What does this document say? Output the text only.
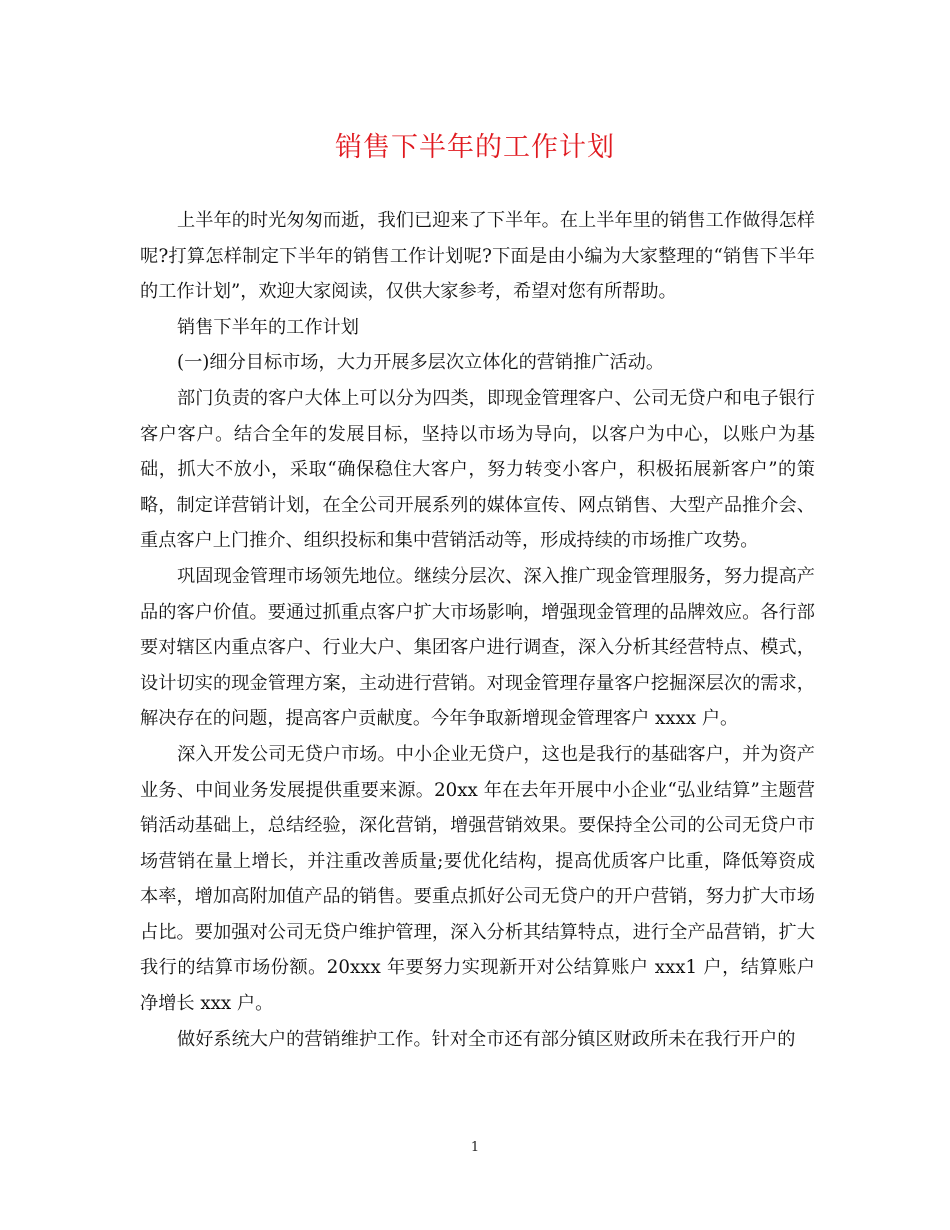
销售下半年的工作计划

上半年的时光匆匆而逝，我们已迎来了下半年。在上半年里的销售工作做得怎样呢?打算怎样制定下半年的销售工作计划呢?下面是由小编为大家整理的“销售下半年的工作计划”，欢迎大家阅读，仅供大家参考，希望对您有所帮助。

销售下半年的工作计划

(一)细分目标市场，大力开展多层次立体化的营销推广活动。

部门负责的客户大体上可以分为四类，即现金管理客户、公司无贷户和电子银行客户客户。结合全年的发展目标，坚持以市场为导向，以客户为中心，以账户为基础，抓大不放小，采取“确保稳住大客户，努力转变小客户，积极拓展新客户”的策略，制定详营销计划，在全公司开展系列的媒体宣传、网点销售、大型产品推介会、重点客户上门推介、组织投标和集中营销活动等，形成持续的市场推广攻势。

巩固现金管理市场领先地位。继续分层次、深入推广现金管理服务，努力提高产品的客户价值。要通过抓重点客户扩大市场影响，增强现金管理的品牌效应。各行部要对辖区内重点客户、行业大户、集团客户进行调查，深入分析其经营特点、模式，设计切实的现金管理方案，主动进行营销。对现金管理存量客户挖掘深层次的需求，解决存在的问题，提高客户贡献度。今年争取新增现金管理客户 xxxx 户。

深入开发公司无贷户市场。中小企业无贷户，这也是我行的基础客户，并为资产业务、中间业务发展提供重要来源。20xx 年在去年开展中小企业“弘业结算”主题营销活动基础上，总结经验，深化营销，增强营销效果。要保持全公司的公司无贷户市场营销在量上增长，并注重改善质量;要优化结构，提高优质客户比重，降低筹资成本率，增加高附加值产品的销售。要重点抓好公司无贷户的开户营销，努力扩大市场占比。要加强对公司无贷户维护管理，深入分析其结算特点，进行全产品营销，扩大我行的结算市场份额。20xxx 年要努力实现新开对公结算账户 xxx1 户，结算账户净增长 xxx 户。

做好系统大户的营销维护工作。针对全市还有部分镇区财政所未在我行开户的

1
